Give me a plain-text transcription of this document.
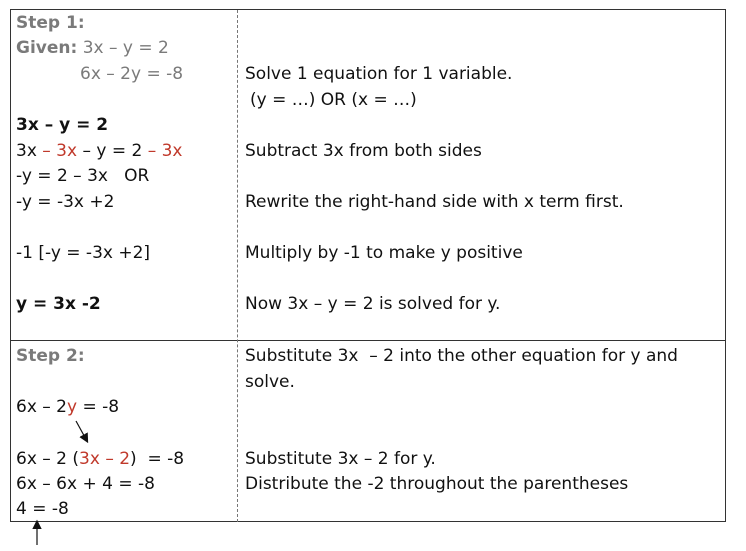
Step 1:
Given: 3x – y = 2
6x – 2y = -8
3x – y = 2
3x – 3x – y = 2 – 3x
-y = 2 – 3x   OR
-y = -3x +2
-1 [-y = -3x +2]
y = 3x -2
Solve 1 equation for 1 variable.
(y = …) OR (x = …)
Subtract 3x from both sides
Rewrite the right-hand side with x term first.
Multiply by -1 to make y positive
Now 3x – y = 2 is solved for y.
Step 2:
6x – 2y = -8
6x – 2 (3x – 2)  = -8
6x – 6x + 4 = -8
4 = -8
Substitute 3x  – 2 into the other equation for y and
solve.
Substitute 3x – 2 for y.
Distribute the -2 throughout the parentheses
